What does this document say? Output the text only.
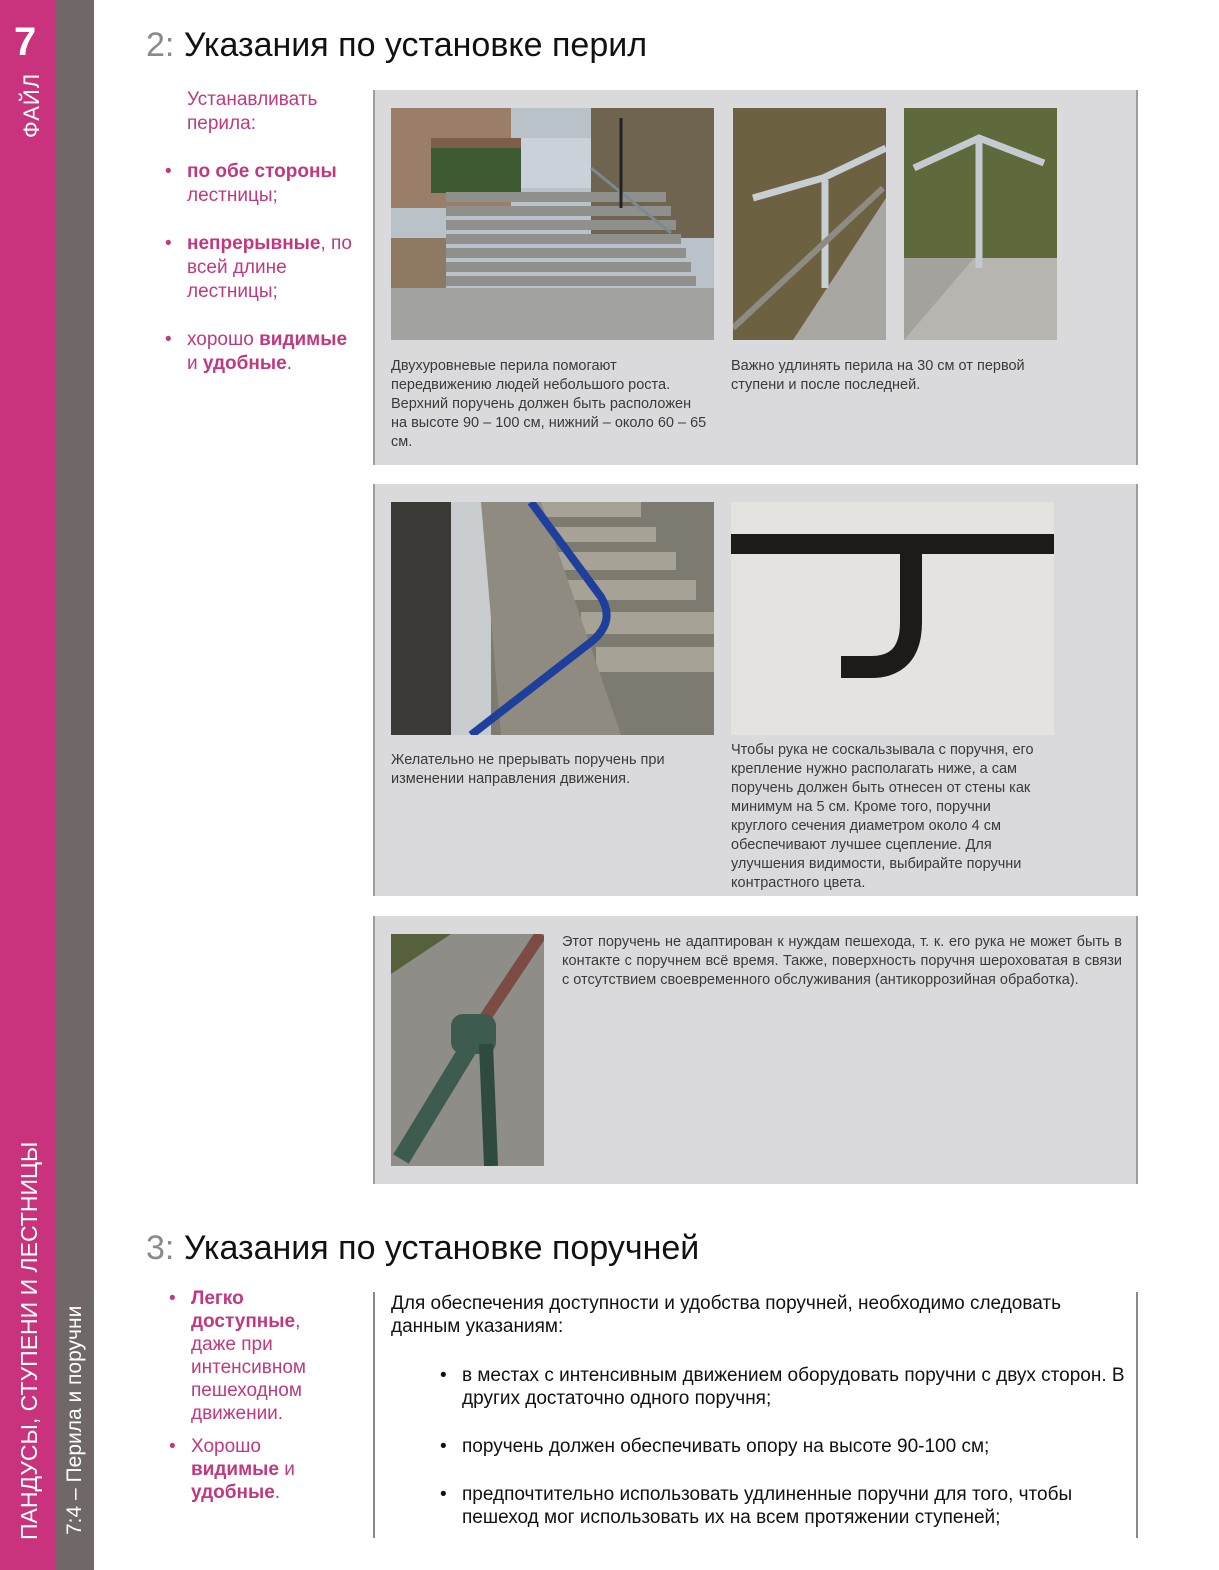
7
ФАЙЛ
ПАНДУСЫ, СТУПЕНИ И ЛЕСТНИЦЫ 7:4 – Перила и поручни
2: Указания по установке перил
Устанавливать
перила:
• по обе стороны
лестницы;
• непрерывные, по
всей длине
лестницы;
• хорошо видимые
и удобные.	Двухуровневые перила помогают передвижению людей небольшого роста. Верхний поручень должен быть расположен на высоте 90 – 100 см, нижний – около 60 – 65 см.
Важно удлинять перила на 30 см от первой ступени и после последней.
Желательно не прерывать поручень при изменении направления движения.
Чтобы рука не соскальзывала с поручня, его крепление нужно располагать ниже, а сам поручень должен быть отнесен от стены как минимум на 5 см. Кроме того, поручни круглого сечения диаметром около 4 см обеспечивают лучшее сцепление. Для улучшения видимости, выбирайте поручни контрастного цвета.
Этот поручень не адаптирован к нуждам пешехода, т. к. его рука не может быть в контакте с поручнем всё время. Также, поверхность поручня шероховатая в связи с отсутствием своевременного обслуживания (антикоррозийная обработка).
3: Указания по установке поручней
• Легко доступные, даже при интенсивном пешеходном движении.
• Хорошо видимые и удобные.
Для обеспечения доступности и удобства поручней, необходимо следовать данным указаниям:
• в местах с интенсивным движением оборудовать поручни с двух сторон. В других достаточно одного поручня;
• поручень должен обеспечивать опору на высоте 90-100 см;
• предпочтительно использовать удлиненные поручни для того, чтобы пешеход мог использовать их на всем протяжении ступеней;
